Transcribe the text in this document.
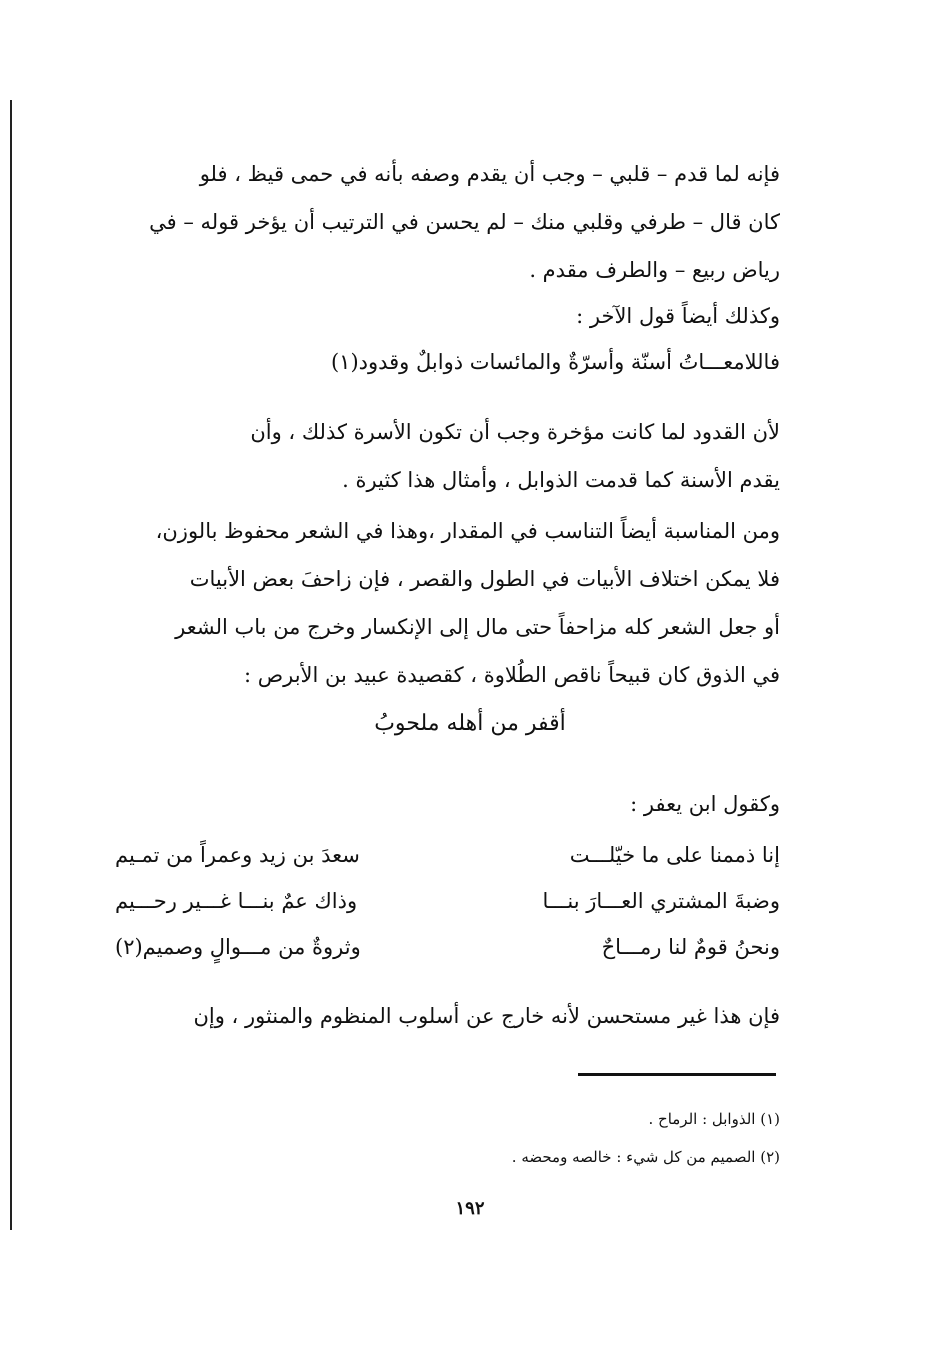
فإنه لما قدم – قلبي – وجب أن يقدم وصفه بأنه في حمى قيظ ، فلو
كان قال – طرفي وقلبي منك – لم يحسن في الترتيب أن يؤخر قوله – في
رياض ربيع – والطرف مقدم .
وكذلك أيضاً قول الآخر :
فاللامعـــاتُ أسنّة وأسرّةٌ والمائسات ذوابلٌ وقدود(١)
لأن القدود لما كانت مؤخرة وجب أن تكون الأسرة كذلك ، وأن
يقدم الأسنة كما قدمت الذوابل ، وأمثال هذا كثيرة .
ومن المناسبة أيضاً التناسب في المقدار ،وهذا في الشعر محفوظ بالوزن،
فلا يمكن اختلاف الأبيات في الطول والقصر ، فإن زاحفَ بعض الأبيات
أو جعل الشعر كله مزاحفاً حتى مال إلى الإنكسار وخرج من باب الشعر
في الذوق كان قبيحاً ناقص الطُلاوة ، كقصيدة عبيد بن الأبرص :
أقفر من أهله ملحوبُ
وكقول ابن يعفر :
إنا ذممنا على ما خيّلـــت
سعدَ بن زيد وعمراً من تمـيم
وضبةَ المشتري العـــارَ بنـــا
وذاك عمٌ بنـــا غـــير رحـــيم
ونحنُ قومٌ لنا رمـــاحٌ
وثروةٌ من مـــوالٍ وصميم(٢)
فإن هذا غير مستحسن لأنه خارج عن أسلوب المنظوم والمنثور ، وإن
(١) الذوابل : الرماح .
(٢) الصميم من كل شيء : خالصه ومحضه .
١٩٢
